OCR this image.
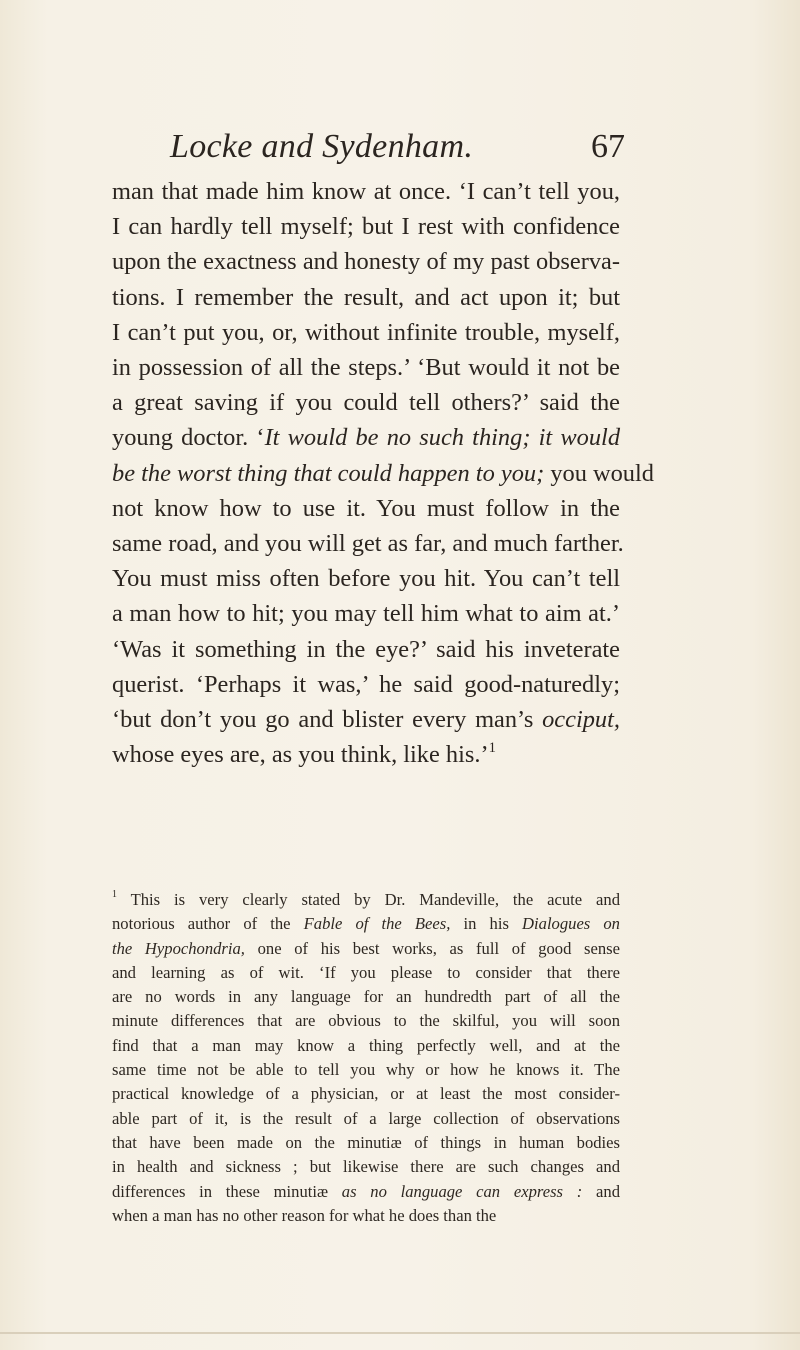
Locke and Sydenham.	67
man that made him know at once. ‘I can’t tell you,
I can hardly tell myself; but I rest with confidence
upon the exactness and honesty of my past observa-
tions. I remember the result, and act upon it; but
I can’t put you, or, without infinite trouble, myself,
in possession of all the steps.’ ‘But would it not be
a great saving if you could tell others?’ said the
young doctor. ‘It would be no such thing; it would
be the worst thing that could happen to you; you would
not know how to use it. You must follow in the
same road, and you will get as far, and much farther.
You must miss often before you hit. You can’t tell
a man how to hit; you may tell him what to aim at.’
‘Was it something in the eye?’ said his inveterate
querist. ‘Perhaps it was,’ he said good-naturedly;
‘but don’t you go and blister every man’s occiput,
whose eyes are, as you think, like his.’$^1$
$^1$ This is very clearly stated by Dr. Mandeville, the acute and
notorious author of the Fable of the Bees, in his Dialogues on
the Hypochondria, one of his best works, as full of good sense
and learning as of wit. ‘If you please to consider that there
are no words in any language for an hundredth part of all the
minute differences that are obvious to the skilful, you will soon
find that a man may know a thing perfectly well, and at the
same time not be able to tell you why or how he knows it. The
practical knowledge of a physician, or at least the most consider-
able part of it, is the result of a large collection of observations
that have been made on the minutiæ of things in human bodies
in health and sickness ; but likewise there are such changes and
differences in these minutiæ as no language can express : and
when a man has no other reason for what he does than the
